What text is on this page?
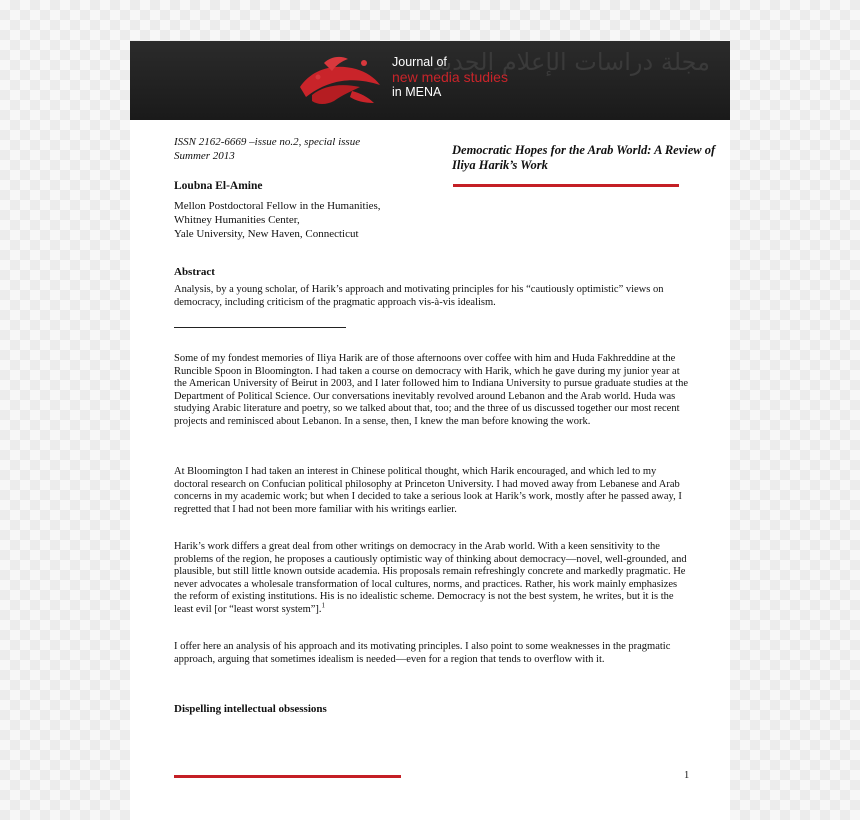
مجلة دراسات الإعلام الجديد
Journal of
new media studies
in MENA
ISSN 2162-6669 –issue no.2, special issue
Summer 2013	Democratic Hopes for the Arab World: A Review of Iliya Harik’s Work
Loubna El-Amine
Mellon Postdoctoral Fellow in the Humanities,
Whitney Humanities Center,
Yale University, New Haven, Connecticut
Abstract
Analysis, by a young scholar, of Harik’s approach and motivating principles for his “cautiously optimistic” views on democracy, including criticism of the pragmatic approach vis-à-vis idealism.
Some of my fondest memories of Iliya Harik are of those afternoons over coffee with him and Huda Fakhreddine at the Runcible Spoon in Bloomington. I had taken a course on democracy with Harik, which he gave during my junior year at the American University of Beirut in 2003, and I later followed him to Indiana University to pursue graduate studies at the Department of Political Science. Our conversations inevitably revolved around Lebanon and the Arab world. Huda was studying Arabic literature and poetry, so we talked about that, too; and the three of us discussed together our most recent projects and reminisced about Lebanon. In a sense, then, I knew the man before knowing the work.
At Bloomington I had taken an interest in Chinese political thought, which Harik encouraged, and which led to my doctoral research on Confucian political philosophy at Princeton University. I had moved away from Lebanese and Arab concerns in my academic work; but when I decided to take a serious look at Harik’s work, mostly after he passed away, I regretted that I had not been more familiar with his writings earlier.
Harik’s work differs a great deal from other writings on democracy in the Arab world. With a keen sensitivity to the problems of the region, he proposes a cautiously optimistic way of thinking about democracy—novel, well-grounded, and plausible, but still little known outside academia. His proposals remain refreshingly concrete and markedly pragmatic. He never advocates a wholesale transformation of local cultures, norms, and practices. Rather, his work mainly emphasizes the reform of existing institutions. His is no idealistic scheme. Democracy is not the best system, he writes, but it is the least evil [or “least worst system”].$^1$
I offer here an analysis of his approach and its motivating principles. I also point to some weaknesses in the pragmatic approach, arguing that sometimes idealism is needed—even for a region that tends to overflow with it.
Dispelling intellectual obsessions
1
